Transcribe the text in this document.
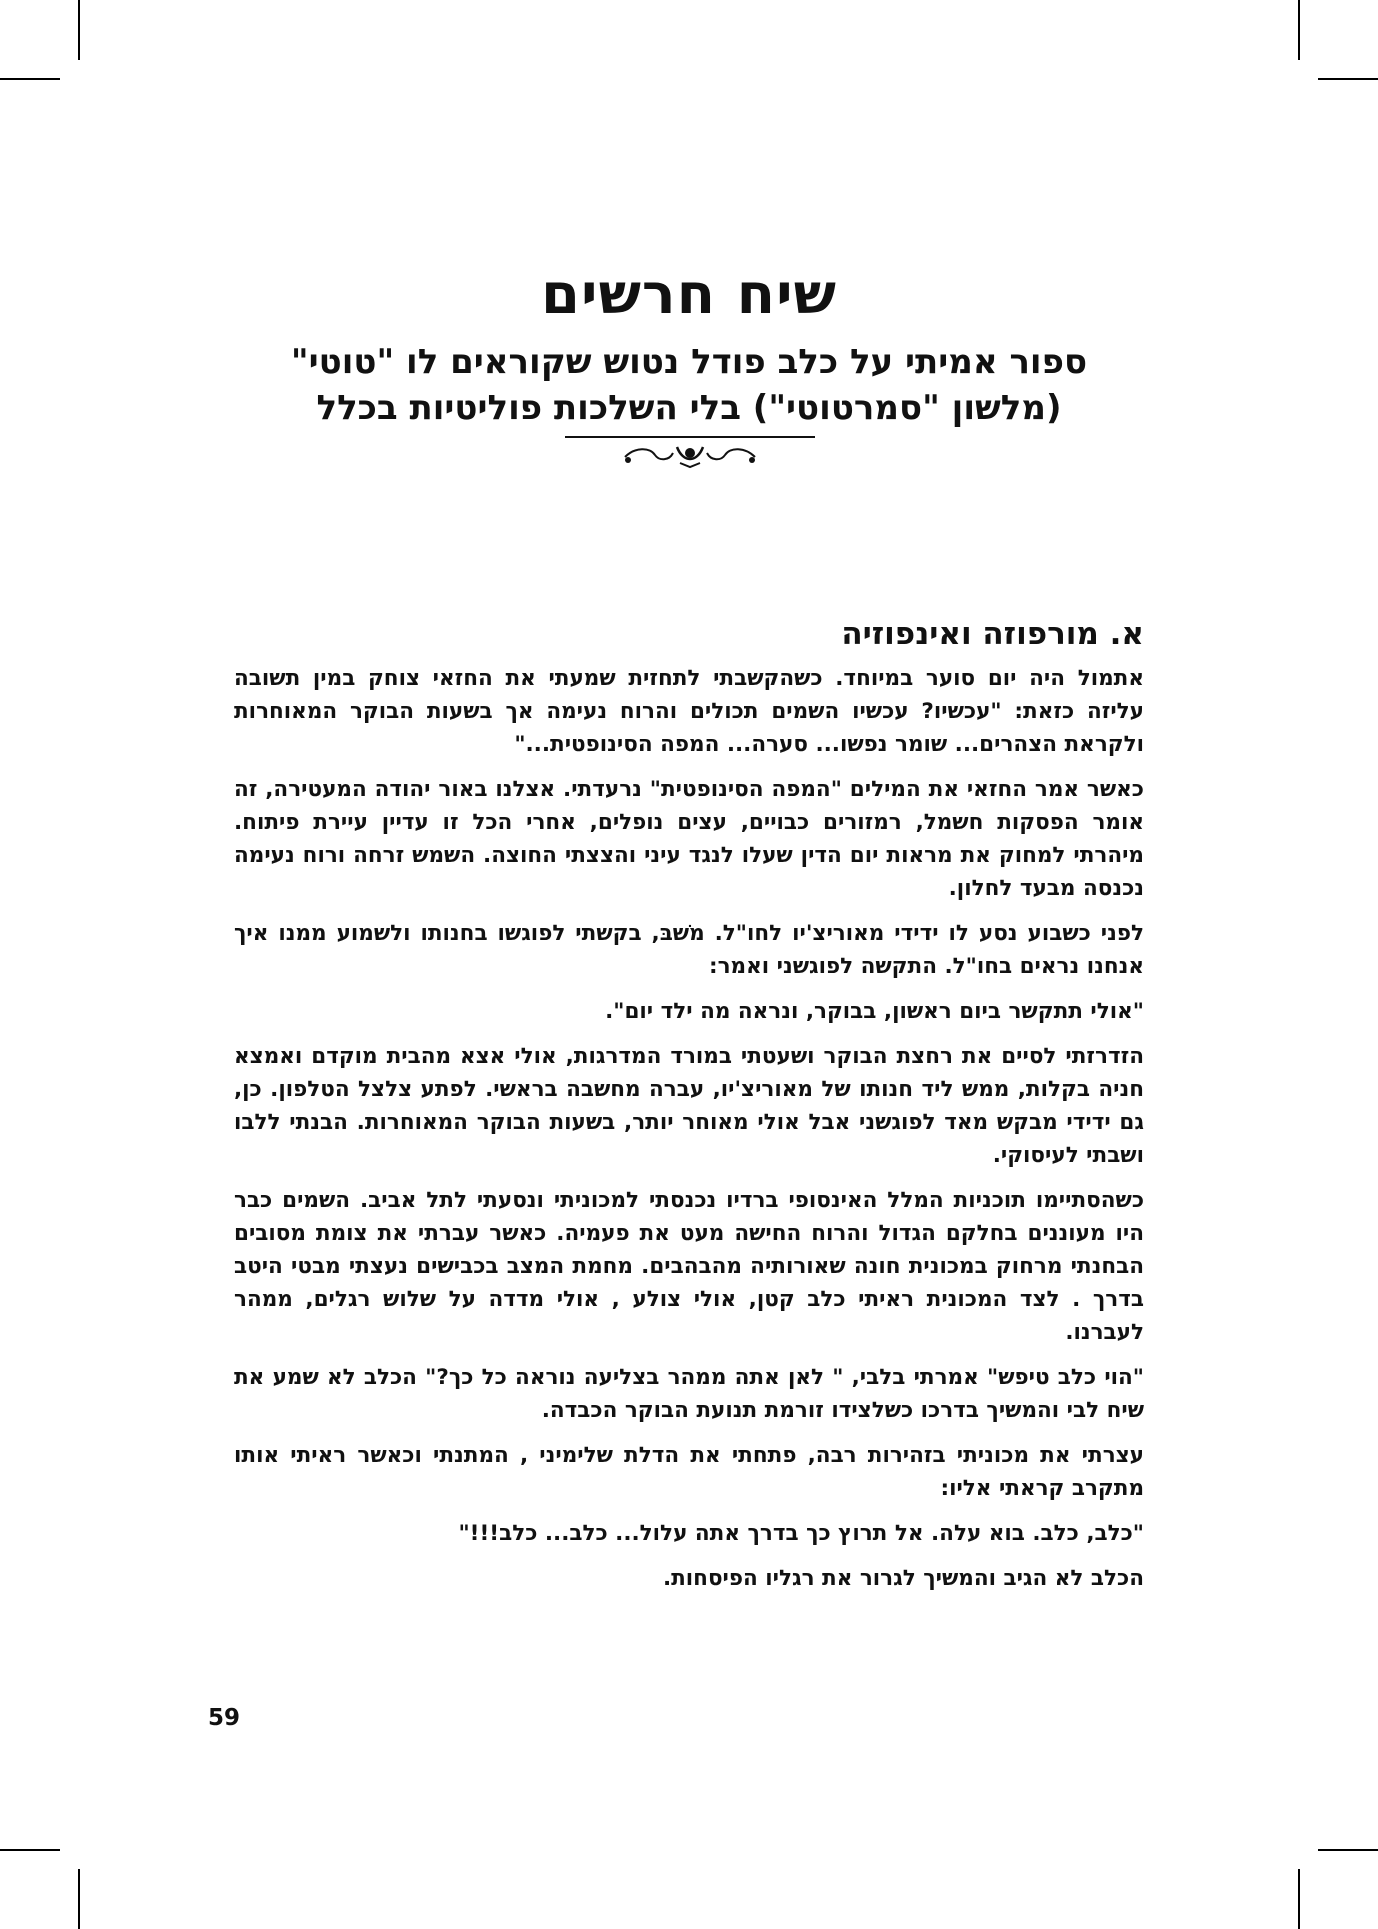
שיח חרשים

ספור אמיתי על כלב פודל נטוש שקוראים לו "טוטי"

(מלשון "סמרטוטי") בלי השלכות פוליטיות בכלל

א. מורפוזה ואינפוזיה

אתמול היה יום סוער במיוחד. כשהקשבתי לתחזית שמעתי את החזאי צוחק במין תשובה עליזה כזאת: "עכשיו? עכשיו השמים תכולים והרוח נעימה אך בשעות הבוקר המאוחרות ולקראת הצהרים... שומר נפשו... סערה... המפה הסינופטית..."

כאשר אמר החזאי את המילים "המפה הסינופטית" נרעדתי. אצלנו באור יהודה המעטירה, זה אומר הפסקות חשמל, רמזורים כבויים, עצים נופלים, אחרי הכל זו עדיין עיירת פיתוח. מיהרתי למחוק את מראות יום הדין שעלו לנגד עיני והצצתי החוצה. השמש זרחה ורוח נעימה נכנסה מבעד לחלון.

לפני כשבוע נסע לו ידידי מאוריצ'יו לחו"ל. משׁבּ, בקשתי לפוגשו בחנותו ולשמוע ממנו איך אנחנו נראים בחו"ל. התקשה לפוגשני ואמר:

"אולי תתקשר ביום ראשון, בבוקר, ונראה מה ילד יום".

הזדרזתי לסיים את רחצת הבוקר ושעטתי במורד המדרגות, אולי אצא מהבית מוקדם ואמצא חניה בקלות, ממש ליד חנותו של מאוריצ'יו, עברה מחשבה בראשי. לפתע צלצל הטלפון. כן, גם ידידי מבקש מאד לפוגשני אבל אולי מאוחר יותר, בשעות הבוקר המאוחרות. הבנתי ללבו ושבתי לעיסוקי.

כשהסתיימו תוכניות המלל האינסופי ברדיו נכנסתי למכוניתי ונסעתי לתל אביב. השמים כבר היו מעוננים בחלקם הגדול והרוח החישה מעט את פעמיה. כאשר עברתי את צומת מסובים הבחנתי מרחוק במכונית חונה שאורותיה מהבהבים. מחמת המצב בכבישים נעצתי מבטי היטב בדרך . לצד המכונית ראיתי כלב קטן, אולי צולע , אולי מדדה על שלוש רגלים, ממהר לעברנו.

"הוי כלב טיפש" אמרתי בלבי, " לאן אתה ממהר בצליעה נוראה כל כך?" הכלב לא שמע את שיח לבי והמשיך בדרכו כשלצידו זורמת תנועת הבוקר הכבדה.

עצרתי את מכוניתי בזהירות רבה, פתחתי את הדלת שלימיני , המתנתי וכאשר ראיתי אותו מתקרב קראתי אליו:

"כלב, כלב. בוא עלה. אל תרוץ כך בדרך אתה עלול... כלב... כלב!!!"

הכלב לא הגיב והמשיך לגרור את רגליו הפיסחות.

59
